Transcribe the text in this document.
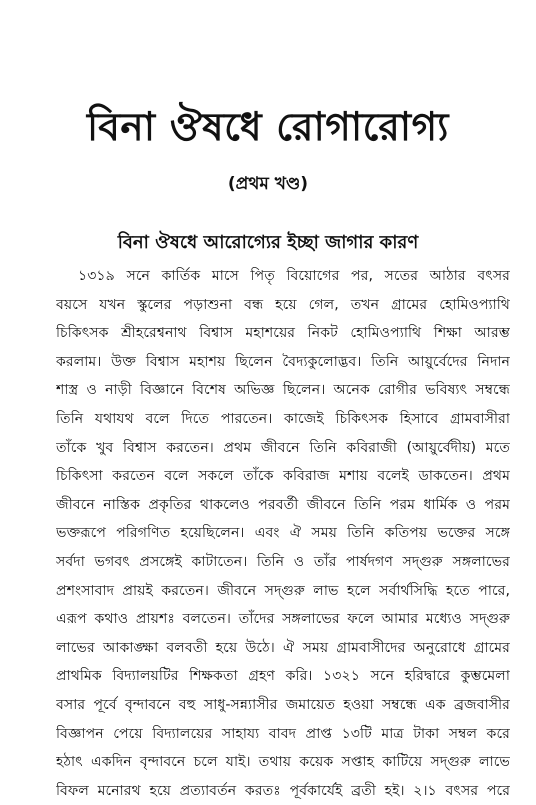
বিনা ঔষধে রোগারোগ্য
(প্রথম খণ্ড)
বিনা ঔষধে আরোগ্যের ইচ্ছা জাগার কারণ
১৩১৯ সনে কার্তিক মাসে পিতৃ বিয়োগের পর, সতের আঠার বৎসর
বয়সে যখন স্কুলের পড়াশুনা বন্ধ হয়ে গেল, তখন গ্রামের হোমিওপ্যাথি
চিকিৎসক শ্রীহরেশ্বনাথ বিশ্বাস মহাশয়ের নিকট হোমিওপ্যাথি শিক্ষা আরম্ভ
করলাম। উক্ত বিশ্বাস মহাশয় ছিলেন বৈদ্যকুলোদ্ভব। তিনি আয়ুর্বেদের নিদান
শাস্ত্র ও নাড়ী বিজ্ঞানে বিশেষ অভিজ্ঞ ছিলেন। অনেক রোগীর ভবিষ্যৎ সম্বন্ধে
তিনি যথাযথ বলে দিতে পারতেন। কাজেই চিকিৎসক হিসাবে গ্রামবাসীরা
তাঁকে খুব বিশ্বাস করতেন। প্রথম জীবনে তিনি কবিরাজী (আয়ুর্বেদীয়) মতে
চিকিৎসা করতেন বলে সকলে তাঁকে কবিরাজ মশায় বলেই ডাকতেন। প্রথম
জীবনে নাস্তিক প্রকৃতির থাকলেও পরবর্তী জীবনে তিনি পরম ধার্মিক ও পরম
ভক্তরূপে পরিগণিত হয়েছিলেন। এবং ঐ সময় তিনি কতিপয় ভক্তের সঙ্গে
সর্বদা ভগবৎ প্রসঙ্গেই কাটাতেন। তিনি ও তাঁর পার্ষদগণ সদ্গুরু সঙ্গলাভের
প্রশংসাবাদ প্রায়ই করতেন। জীবনে সদ্গুরু লাভ হলে সর্বার্থসিদ্ধি হতে পারে,
এরূপ কথাও প্রায়শঃ বলতেন। তাঁদের সঙ্গলাভের ফলে আমার মধ্যেও সদ্গুরু
লাভের আকাঙ্ক্ষা বলবতী হয়ে উঠে। ঐ সময় গ্রামবাসীদের অনুরোধে গ্রামের
প্রাথমিক বিদ্যালয়টির শিক্ষকতা গ্রহণ করি। ১৩২১ সনে হরিদ্বারে কুম্ভমেলা
বসার পূর্বে বৃন্দাবনে বহু সাধু-সন্ন্যাসীর জমায়েত হওয়া সম্বন্ধে এক ব্রজবাসীর
বিজ্ঞাপন পেয়ে বিদ্যালয়ের সাহায্য বাবদ প্রাপ্ত ১৩টি মাত্র টাকা সম্বল করে
হঠাৎ একদিন বৃন্দাবনে চলে যাই। তথায় কয়েক সপ্তাহ কাটিয়ে সদ্গুরু লাভে
বিফল মনোরথ হয়ে প্রত্যাবর্তন করতঃ পূর্বকার্যেই ব্রতী হই। ২।১ বৎসর পরে
